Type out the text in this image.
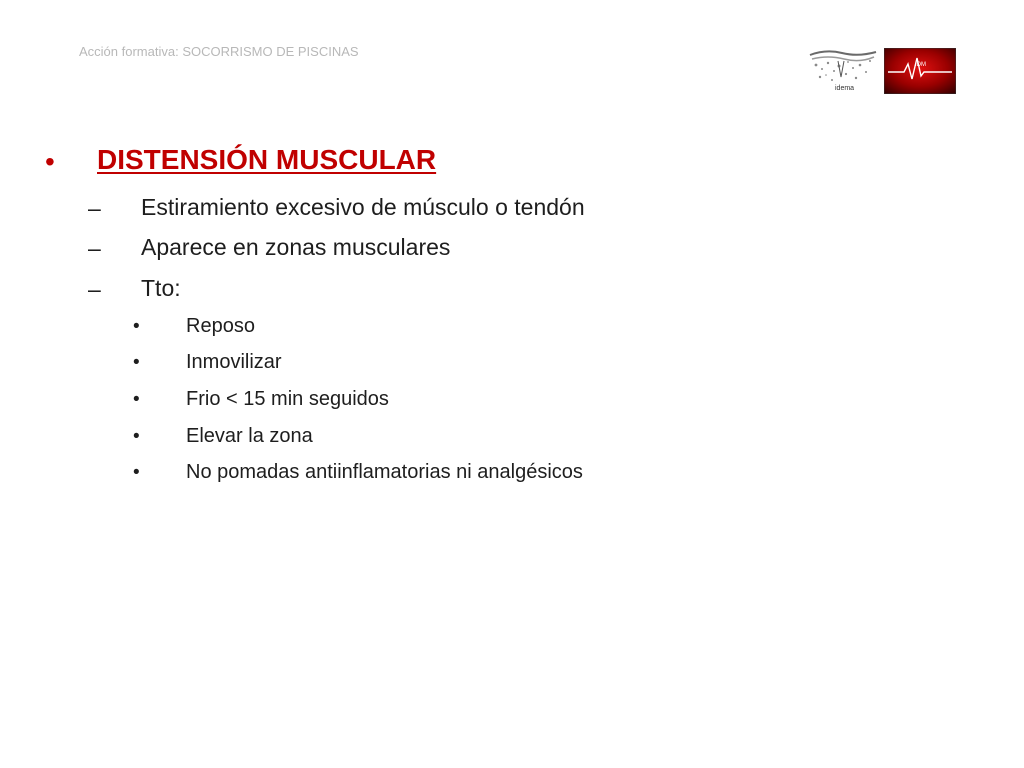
Acción formativa: SOCORRISMO DE PISCINAS
idema
IDM
• DISTENSIÓN MUSCULAR
– Estiramiento excesivo de músculo o tendón
– Aparece en zonas musculares
– Tto:
• Reposo
• Inmovilizar
• Frio < 15 min seguidos
• Elevar la zona
• No pomadas antiinflamatorias ni analgésicos
